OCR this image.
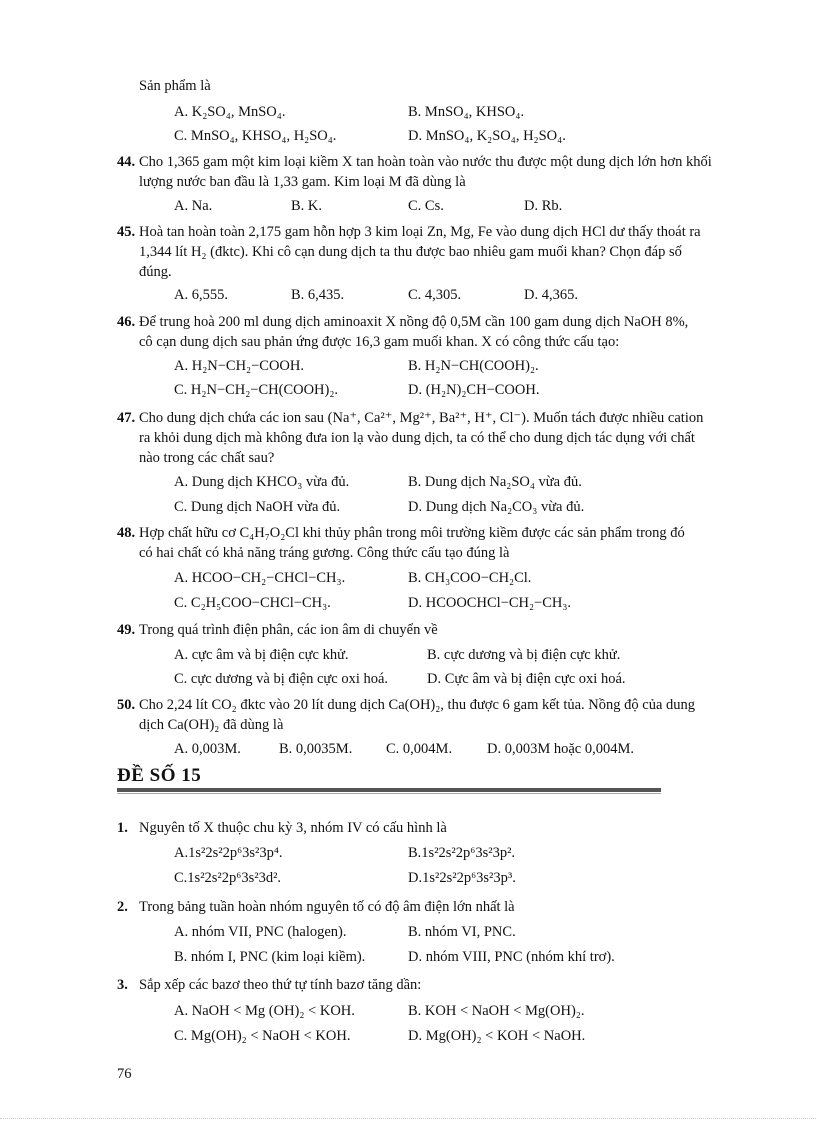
Sản phẩm là
A. K₂SO₄, MnSO₄.	B. MnSO₄, KHSO₄.
C. MnSO₄, KHSO₄, H₂SO₄.	D. MnSO₄, K₂SO₄, H₂SO₄.
44. Cho 1,365 gam một kim loại kiềm X tan hoàn toàn vào nước thu được một dung dịch lớn hơn khối
lượng nước ban đầu là 1,33 gam. Kim loại M đã dùng là
A. Na.	B. K.	C. Cs.	D. Rb.
45. Hoà tan hoàn toàn 2,175 gam hỗn hợp 3 kim loại Zn, Mg, Fe vào dung dịch HCl dư thấy thoát ra
1,344 lít H₂ (đktc). Khi cô cạn dung dịch ta thu được bao nhiêu gam muối khan? Chọn đáp số
đúng.
A. 6,555.	B. 6,435.	C. 4,305.	D. 4,365.
46. Để trung hoà 200 ml dung dịch aminoaxit X nồng độ 0,5M cần 100 gam dung dịch NaOH 8%,
cô cạn dung dịch sau phản ứng được 16,3 gam muối khan. X có công thức cấu tạo:
A. H₂N−CH₂−COOH.	B. H₂N−CH(COOH)₂.
C. H₂N−CH₂−CH(COOH)₂.	D. (H₂N)₂CH−COOH.
47. Cho dung dịch chứa các ion sau (Na⁺, Ca²⁺, Mg²⁺, Ba²⁺, H⁺, Cl⁻). Muốn tách được nhiều cation
ra khỏi dung dịch mà không đưa ion lạ vào dung dịch, ta có thể cho dung dịch tác dụng với chất
nào trong các chất sau?
A. Dung dịch KHCO₃ vừa đủ.	B. Dung dịch Na₂SO₄ vừa đủ.
C. Dung dịch NaOH vừa đủ.	D. Dung dịch Na₂CO₃ vừa đủ.
48. Hợp chất hữu cơ C₄H₇O₂Cl khi thủy phân trong môi trường kiềm được các sản phẩm trong đó
có hai chất có khả năng tráng gương. Công thức cấu tạo đúng là
A. HCOO−CH₂−CHCl−CH₃.	B. CH₃COO−CH₂Cl.
C. C₂H₅COO−CHCl−CH₃.	D. HCOOCHCl−CH₂−CH₃.
49. Trong quá trình điện phân, các ion âm di chuyển về
A. cực âm và bị điện cực khử.	B. cực dương và bị điện cực khử.
C. cực dương và bị điện cực oxi hoá.	D. Cực âm và bị điện cực oxi hoá.
50. Cho 2,24 lít CO₂ đktc vào 20 lít dung dịch Ca(OH)₂, thu được 6 gam kết tủa. Nồng độ của dung
dịch Ca(OH)₂ đã dùng là
A. 0,003M.	B. 0,0035M. C. 0,004M. D. 0,003M hoặc 0,004M.
ĐỀ SỐ 15
1. Nguyên tố X thuộc chu kỳ 3, nhóm IV có cấu hình là
A.1s²2s²2p⁶3s²3p⁴.	B.1s²2s²2p⁶3s²3p².
C.1s²2s²2p⁶3s²3d².	D.1s²2s²2p⁶3s²3p³.
2. Trong bảng tuần hoàn nhóm nguyên tố có độ âm điện lớn nhất là
A. nhóm VII, PNC (halogen).	B. nhóm VI, PNC.
B. nhóm I, PNC (kim loại kiềm).	D. nhóm VIII, PNC (nhóm khí trơ).
3. Sắp xếp các bazơ theo thứ tự tính bazơ tăng dần:
A. NaOH < Mg (OH)₂ < KOH.	B. KOH < NaOH < Mg(OH)₂.
C. Mg(OH)₂ < NaOH < KOH.	D. Mg(OH)₂ < KOH < NaOH.
76
